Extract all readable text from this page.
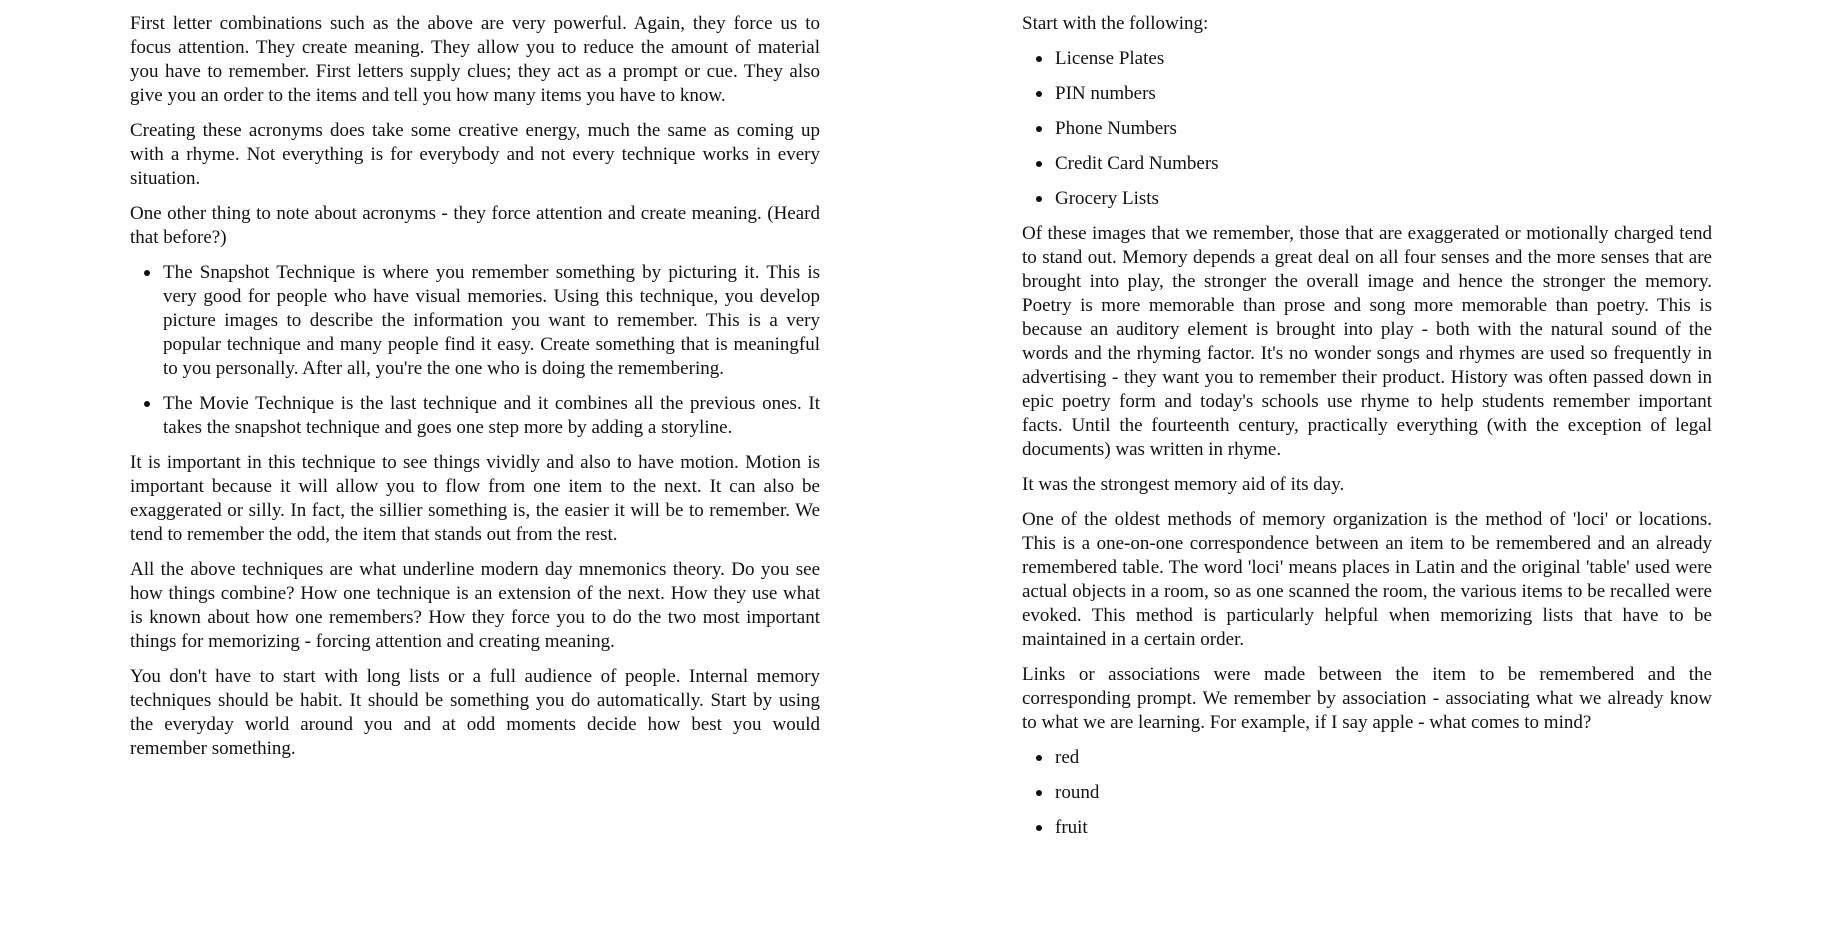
First letter combinations such as the above are very powerful. Again, they force us to focus attention. They create meaning. They allow you to reduce the amount of material you have to remember. First letters supply clues; they act as a prompt or cue. They also give you an order to the items and tell you how many items you have to know.

Creating these acronyms does take some creative energy, much the same as coming up with a rhyme. Not everything is for everybody and not every technique works in every situation.

One other thing to note about acronyms - they force attention and create meaning. (Heard that before?)

The Snapshot Technique is where you remember something by picturing it. This is very good for people who have visual memories. Using this technique, you develop picture images to describe the information you want to remember. This is a very popular technique and many people find it easy. Create something that is meaningful to you personally. After all, you're the one who is doing the remembering.
The Movie Technique is the last technique and it combines all the previous ones. It takes the snapshot technique and goes one step more by adding a storyline.

It is important in this technique to see things vividly and also to have motion. Motion is important because it will allow you to flow from one item to the next. It can also be exaggerated or silly. In fact, the sillier something is, the easier it will be to remember. We tend to remember the odd, the item that stands out from the rest.

All the above techniques are what underline modern day mnemonics theory. Do you see how things combine? How one technique is an extension of the next. How they use what is known about how one remembers? How they force you to do the two most important things for memorizing - forcing attention and creating meaning.

You don't have to start with long lists or a full audience of people. Internal memory techniques should be habit. It should be something you do automatically. Start by using the everyday world around you and at odd moments decide how best you would remember something.

Start with the following:

License Plates
PIN numbers
Phone Numbers
Credit Card Numbers
Grocery Lists

Of these images that we remember, those that are exaggerated or motionally charged tend to stand out. Memory depends a great deal on all four senses and the more senses that are brought into play, the stronger the overall image and hence the stronger the memory. Poetry is more memorable than prose and song more memorable than poetry. This is because an auditory element is brought into play - both with the natural sound of the words and the rhyming factor. It's no wonder songs and rhymes are used so frequently in advertising - they want you to remember their product. History was often passed down in epic poetry form and today's schools use rhyme to help students remember important facts. Until the fourteenth century, practically everything (with the exception of legal documents) was written in rhyme.

It was the strongest memory aid of its day.

One of the oldest methods of memory organization is the method of 'loci' or locations. This is a one-on-one correspondence between an item to be remembered and an already remembered table. The word 'loci' means places in Latin and the original 'table' used were actual objects in a room, so as one scanned the room, the various items to be recalled were evoked. This method is particularly helpful when memorizing lists that have to be maintained in a certain order.

Links or associations were made between the item to be remembered and the corresponding prompt. We remember by association - associating what we already know to what we are learning. For example, if I say apple - what comes to mind?

red
round
fruit
